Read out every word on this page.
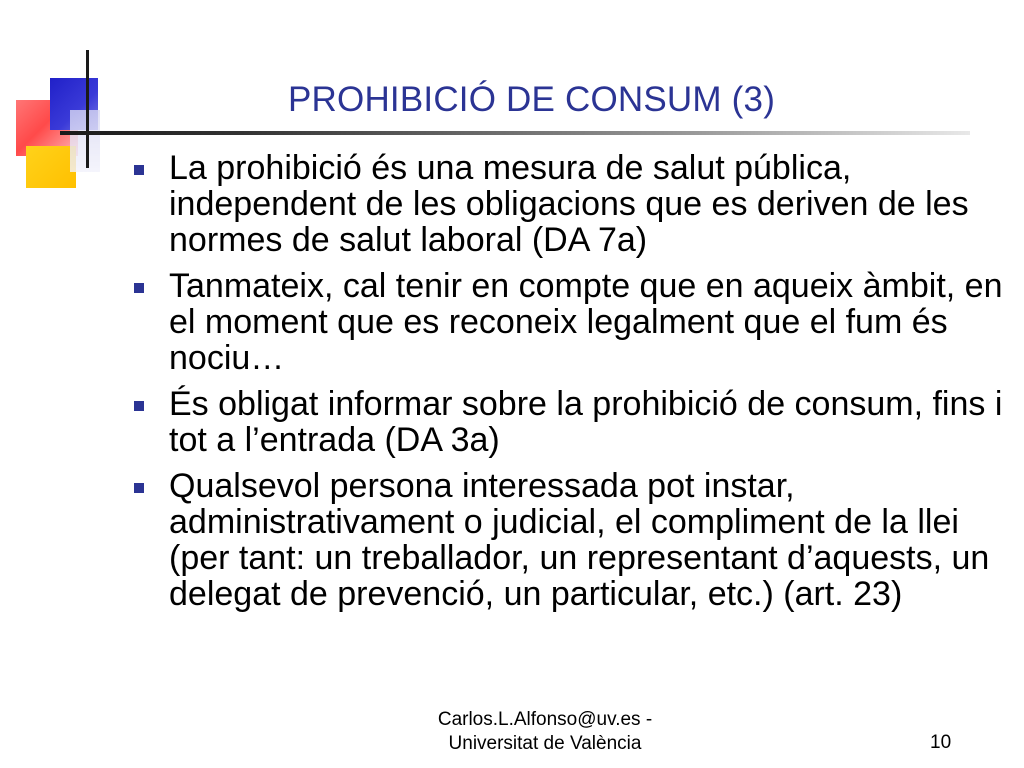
PROHIBICIÓ DE CONSUM (3)
La prohibició és una mesura de salut pública, independent de les obligacions que es deriven de les normes de salut laboral (DA 7a)
Tanmateix, cal tenir en compte que en aqueix àmbit, en el moment que es reconeix legalment que el fum és nociu…
És obligat informar sobre la prohibició de consum, fins i tot a l’entrada (DA 3a)
Qualsevol persona interessada pot instar, administrativament o judicial, el compliment de la llei (per tant: un treballador, un representant d’aquests, un delegat de prevenció, un particular, etc.) (art. 23)
Carlos.L.Alfonso@uv.es -
Universitat de València	10
